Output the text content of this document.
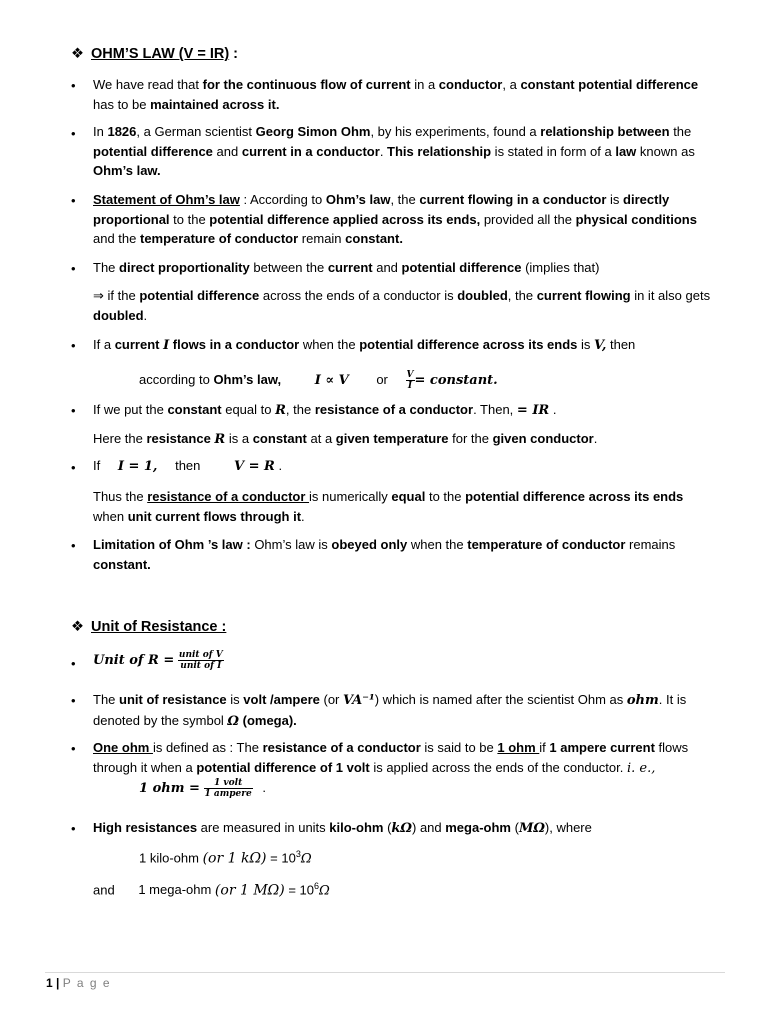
❖ OHM’S LAW (V = IR) :
• We have read that for the continuous flow of current in a conductor, a constant potential difference has to be maintained across it.
• In 1826, a German scientist Georg Simon Ohm, by his experiments, found a relationship between the potential difference and current in a conductor. This relationship is stated in form of a law known as Ohm’s law.
• Statement of Ohm’s law : According to Ohm’s law, the current flowing in a conductor is directly proportional to the potential difference applied across its ends, provided all the physical conditions and the temperature of conductor remain constant.
• The direct proportionality between the current and potential difference (implies that)
⇒ if the potential difference across the ends of a conductor is doubled, the current flowing in it also gets doubled.
• If a current I flows in a conductor when the potential difference across its ends is V, then
according to Ohm’s law,	I ∝ V or $\frac{V}{I}$ = constant.
• If we put the constant equal to R, the resistance of a conductor. Then, = IR .
Here the resistance R is a constant at a given temperature for the given conductor.
• If I = 1, then	V = R .
Thus the resistance of a conductor is numerically equal to the potential difference across its ends when unit current flows through it.
• Limitation of Ohm ’s law : Ohm’s law is obeyed only when the temperature of conductor remains constant.
❖ Unit of Resistance :
• Unit of $R = \frac{\text{unit of V}}{\text{unit of I}}$
• The unit of resistance is volt /ampere (or VA⁻¹) which is named after the scientist Ohm as ohm. It is denoted by the symbol Ω (omega).
• One ohm is defined as : The resistance of a conductor is said to be 1 ohm if 1 ampere current flows through it when a potential difference of 1 volt is applied across the ends of the conductor. i. e.,
1 ohm = $\frac{\text{1 volt}}{\text{1 ampere}}$ .
• High resistances are measured in units kilo-ohm (kΩ) and mega-ohm (MΩ), where
1 kilo-ohm (or 1 $k\Omega) = 10^3\Omega$
and 1 mega-ohm (or 1 $M\Omega) = 10^6\Omega$
1 | P a g e
